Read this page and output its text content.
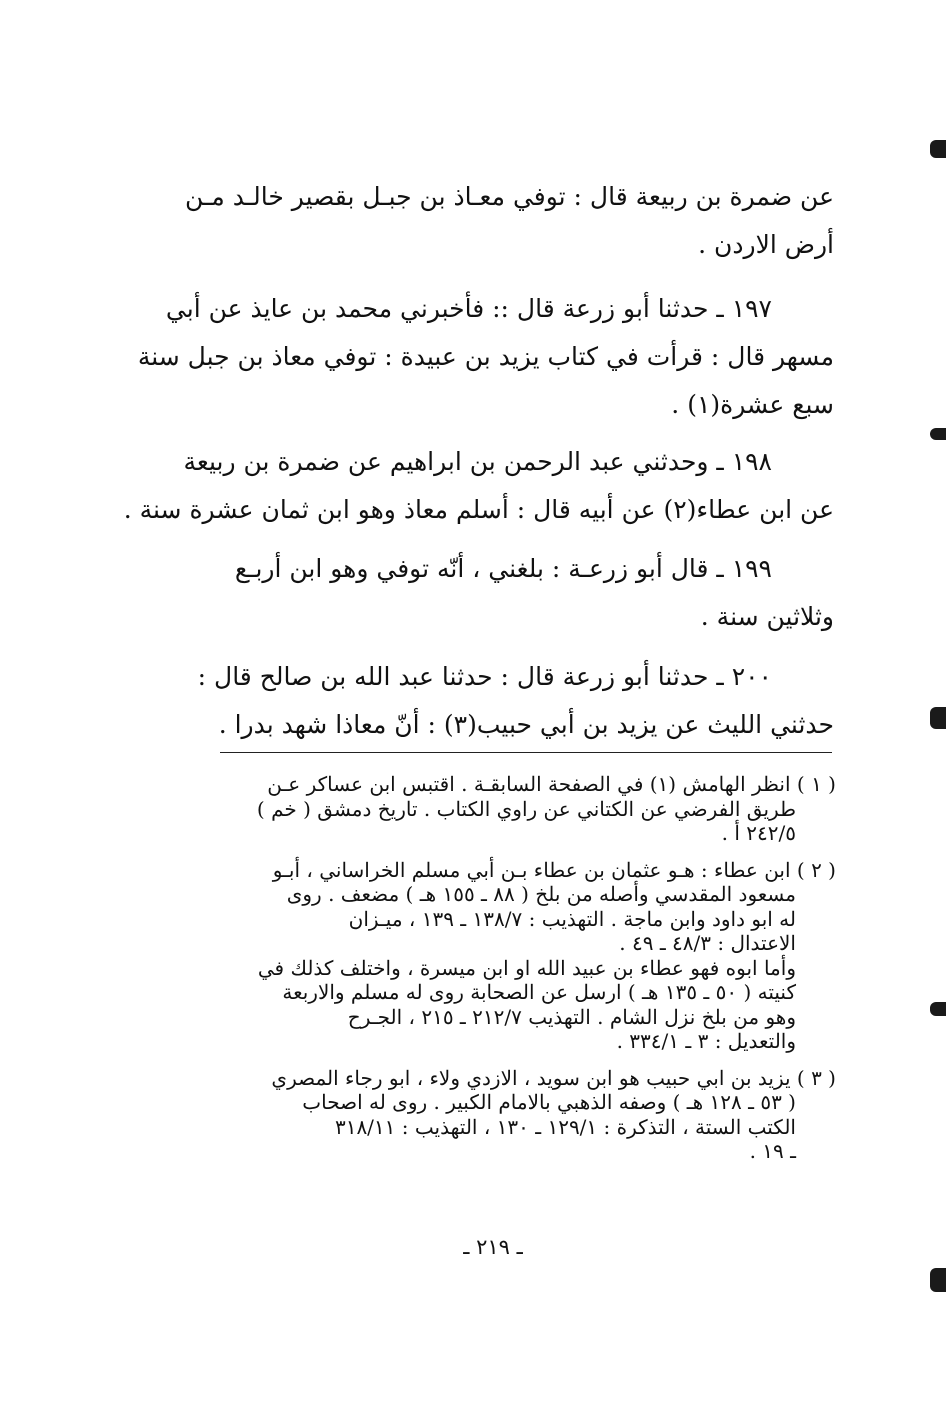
عن ضمرة بن ربيعة قال : توفي معـاذ بن جبـل بقصير خالـد مـن
أرض الاردن .
١٩٧ ـ حدثنا أبو زرعة قال :: فأخبرني محمد بن عايذ عن أبي
مسهر قال : قرأت في كتاب يزيد بن عبيدة : توفي معاذ بن جبل سنة
سبع عشرة(١) .
١٩٨ ـ وحدثني عبد الرحمن بن ابراهيم عن ضمرة بن ربيعة
عن ابن عطاء(٢) عن أبيه قال : أسلم معاذ وهو ابن ثمان عشرة سنة .
١٩٩ ـ قال أبو زرعـة : بلغني ، أنّه توفي وهو ابن أربـع
وثلاثين سنة .
٢٠٠ ـ حدثنا أبو زرعة قال : حدثنا عبد الله بن صالح قال :
حدثني الليث عن يزيد بن أبي حبيب(٣) : أنّ معاذا شهد بدرا .
( ١ ) انظر الهامش (١) في الصفحة السابقـة . اقتبس ابن عساكر عـن
طريق الفرضي عن الكتاني عن راوي الكتاب . تاريخ دمشق ( خم )
٢٤٢/٥ أ .
( ٢ ) ابن عطاء : هـو عثمان بن عطاء بـن أبي مسلم الخراساني ، أبـو
مسعود المقدسي وأصله من بلخ ( ٨٨ ـ ١٥٥ هـ ) مضعف . روى
له ابو داود وابن ماجة . التهذيب : ١٣٨/٧ ـ ١٣٩ ، ميـزان
الاعتدال : ٤٨/٣ ـ ٤٩ .
وأما ابوه فهو عطاء بن عبيد الله او ابن ميسرة ، واختلف كذلك في
كنيته ( ٥٠ ـ ١٣٥ هـ ) ارسل عن الصحابة روى له مسلم والاربعة
وهو من بلخ نزل الشام . التهذيب ٢١٢/٧ ـ ٢١٥ ، الجـرح
والتعديل : ٣ ـ ٣٣٤/١ .
( ٣ ) يزيد بن ابي حبيب هو ابن سويد ، الازدي ولاء ، ابو رجاء المصري
( ٥٣ ـ ١٢٨ هـ ) وصفه الذهبي بالامام الكبير . روى له اصحاب
الكتب الستة ، التذكرة : ١٢٩/١ ـ ١٣٠ ، التهذيب : ٣١٨/١١
ـ ١٩ .
ـ ٢١٩ ـ
